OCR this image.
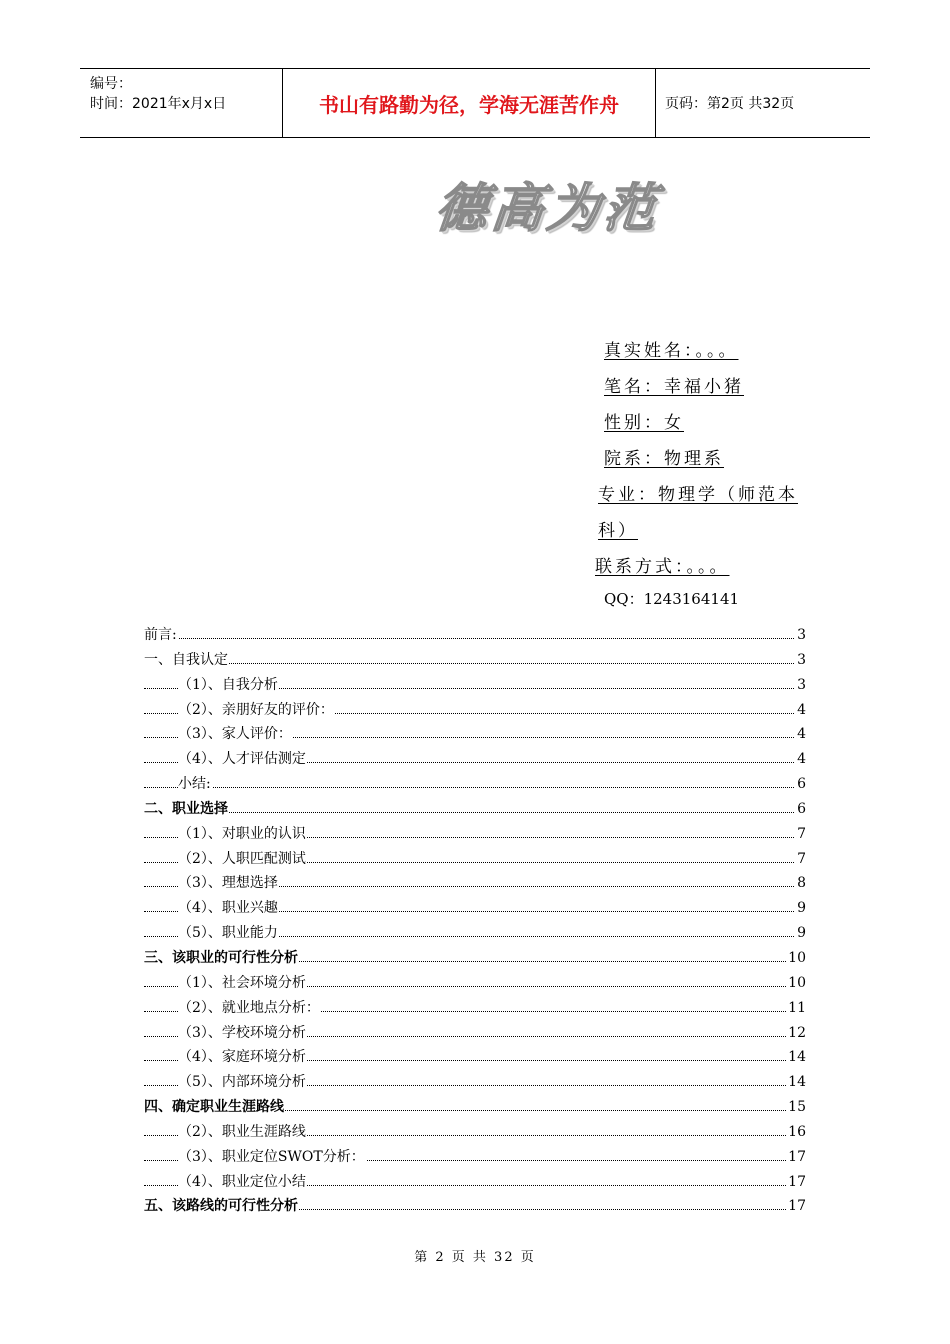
编号：
时间：2021年x月x日	书山有路勤为径，学海无涯苦作舟	页码：第2页 共32页
德高为范
真实姓名：。。。
笔名：幸福小猪
性别：女
院系：物理系
专业：物理学（师范本
科）
联系方式：。。。
QQ：1243164141
前言:	3
一、自我认定	3
（1）、自我分析	3
（2）、亲朋好友的评价：	4
（3）、家人评价：	4
（4）、人才评估测定	4
小结:	6
二、职业选择	6
（1）、对职业的认识	7
（2）、人职匹配测试	7
（3）、理想选择	8
（4）、职业兴趣	9
（5）、职业能力	9
三、该职业的可行性分析	10
（1）、社会环境分析	10
（2）、就业地点分析：	11
（3）、学校环境分析	12
（4）、家庭环境分析	14
（5）、内部环境分析	14
四、确定职业生涯路线	15
（2）、职业生涯路线	16
（3）、职业定位SWOT分析：	17
（4）、职业定位小结	17
五、该路线的可行性分析	17
第 2 页 共 32 页
